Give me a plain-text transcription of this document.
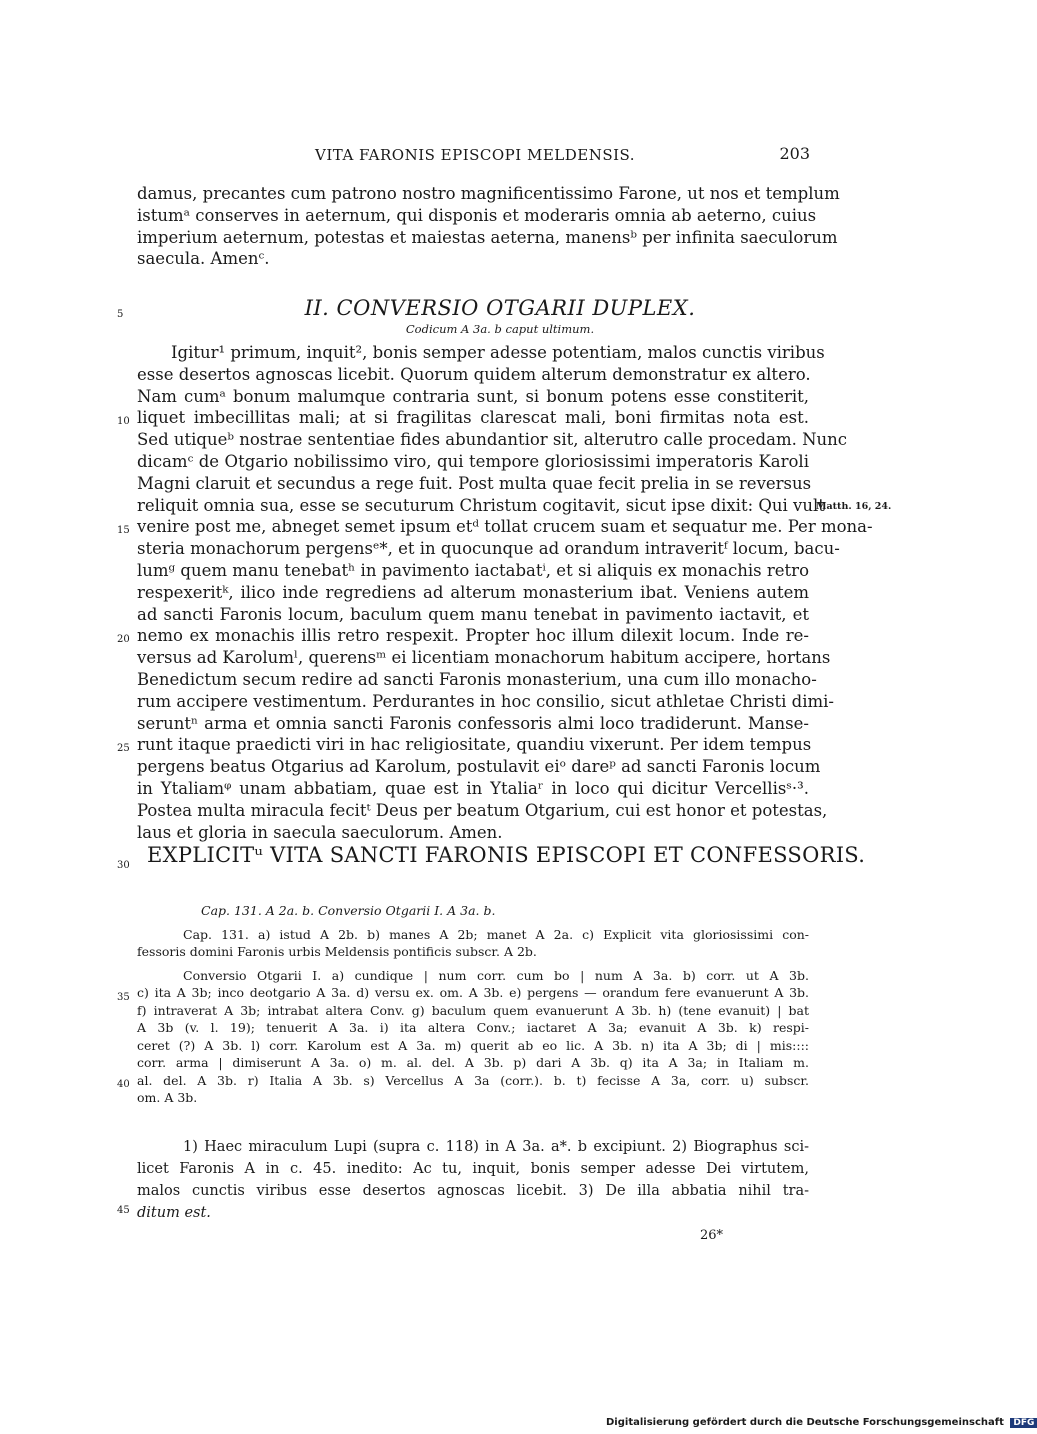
VITA FARONIS EPISCOPI MELDENSIS.	203
damus, precantes cum patrono nostro magnificentissimo Farone, ut nos et templum
istumᵃ conserves in aeternum, qui disponis et moderaris omnia ab aeterno, cuius
imperium aeternum, potestas et maiestas aeterna, manensᵇ per infinita saeculorum
saecula. Amenᶜ.
5	II. CONVERSIO OTGARII DUPLEX.
Codicum A 3a. b caput ultimum.
Igitur¹ primum, inquit², bonis semper adesse potentiam, malos cunctis viribus
esse desertos agnoscas licebit. Quorum quidem alterum demonstratur ex altero.
Nam cumᵃ bonum malumque contraria sunt, si bonum potens esse constiterit,
liquet imbecillitas mali; at si fragilitas clarescat mali, boni firmitas nota est.
Sed utiqueᵇ nostrae sententiae fides abundantior sit, alterutro calle procedam. Nunc
dicamᶜ de Otgario nobilissimo viro, qui tempore gloriosissimi imperatoris Karoli
Magni claruit et secundus a rege fuit. Post multa quae fecit prelia in se reversus
reliquit omnia sua, esse se secuturum Christum cogitavit, sicut ipse dixit: Qui vult
venire post me, abneget semet ipsum etᵈ tollat crucem suam et sequatur me. Per mona-
steria monachorum pergensᵉ*, et in quocunque ad orandum intraveritᶠ locum, bacu-
lumᵍ quem manu tenebatʰ in pavimento iactabatⁱ, et si aliquis ex monachis retro
respexeritᵏ, ilico inde regrediens ad alterum monasterium ibat. Veniens autem
ad sancti Faronis locum, baculum quem manu tenebat in pavimento iactavit, et
nemo ex monachis illis retro respexit. Propter hoc illum dilexit locum. Inde re-
versus ad Karolumˡ, querensᵐ ei licentiam monachorum habitum accipere, hortans
Benedictum secum redire ad sancti Faronis monasterium, una cum illo monacho-
rum accipere vestimentum. Perdurantes in hoc consilio, sicut athletae Christi dimi-
seruntⁿ arma et omnia sancti Faronis confessoris almi loco tradiderunt. Manse-
runt itaque praedicti viri in hac religiositate, quandiu vixerunt. Per idem tempus
pergens beatus Otgarius ad Karolum, postulavit eiᵒ dareᵖ ad sancti Faronis locum
in Ytaliamᵠ unam abbatiam, quae est in Ytaliaʳ in loco qui dicitur Vercellisˢ·³.
Postea multa miracula fecitᵗ Deus per beatum Otgarium, cui est honor et potestas,
laus et gloria in saecula saeculorum. Amen.
10
15
20
25
30
Matth. 16, 24.
EXPLICITᵘ VITA SANCTI FARONIS EPISCOPI ET CONFESSORIS.
Cap. 131. A 2a. b. Conversio Otgarii I. A 3a. b.
Cap. 131. a) istud A 2b. b) manes A 2b; manet A 2a. c) Explicit vita gloriosissimi con-
fessoris domini Faronis urbis Meldensis pontificis subscr. A 2b.
Conversio Otgarii I. a) cundique | num corr. cum bo | num A 3a. b) corr. ut A 3b.
c) ita A 3b; inco deotgario A 3a. d) versu ex. om. A 3b. e) pergens — orandum fere evanuerunt A 3b.
f) intraverat A 3b; intrabat altera Conv. g) baculum quem evanuerunt A 3b. h) (tene evanuit) | bat
A 3b (v. l. 19); tenuerit A 3a. i) ita altera Conv.; iactaret A 3a; evanuit A 3b. k) respi-
ceret (?) A 3b. l) corr. Karolum est A 3a. m) querit ab eo lic. A 3b. n) ita A 3b; di | mis::::
corr. arma | dimiserunt A 3a. o) m. al. del. A 3b. p) dari A 3b. q) ita A 3a; in Italiam m.
al. del. A 3b. r) Italia A 3b. s) Vercellus A 3a (corr.). b. t) fecisse A 3a, corr. u) subscr.
om. A 3b.
35
40
1) Haec miraculum Lupi (supra c. 118) in A 3a. a*. b excipiunt. 2) Biographus sci-
licet Faronis A in c. 45. inedito: Ac tu, inquit, bonis semper adesse Dei virtutem,
malos cunctis viribus esse desertos agnoscas licebit. 3) De illa abbatia nihil tra-
ditum est.
45
26*
Digitalisierung gefördert durch die Deutsche Forschungsgemeinschaft DFG
